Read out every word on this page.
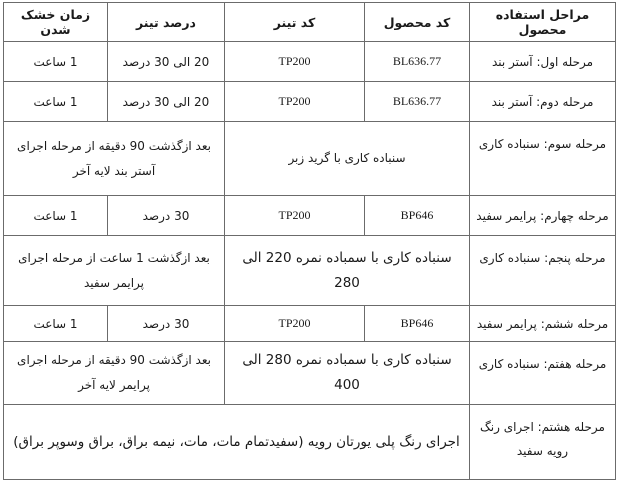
مراحل استفاده محصول	کد محصول	کد تینر	درصد تینر	زمان خشک شدن
مرحله اول: آستر بند	BL636.77	TP200	20 الی 30 درصد	1 ساعت
مرحله دوم: آستر بند	BL636.77	TP200	20 الی 30 درصد	1 ساعت
مرحله سوم: سنباده کاری	سنباده کاری با گرید زبر		بعد ازگذشت 90 دقیقه از مرحله اجرای آستر بند لایه آخر	
مرحله چهارم: پرایمر سفید	BP646	TP200	30 درصد	1 ساعت
مرحله پنجم: سنباده کاری	سنباده کاری با سمباده نمره 220 الی 280		بعد ازگذشت 1 ساعت از مرحله اجرای پرایمر سفید	
مرحله ششم: پرایمر سفید	BP646	TP200	30 درصد	1 ساعت
مرحله هفتم: سنباده کاری	سنباده کاری با سمباده نمره 280 الی 400		بعد ازگذشت 90 دقیقه از مرحله اجرای پرایمر لایه آخر	
مرحله هشتم: اجرای رنگ رویه سفید	اجرای رنگ پلی یورتان رویه (سفیدتمام مات، مات، نیمه براق، براق وسوپر براق)			
